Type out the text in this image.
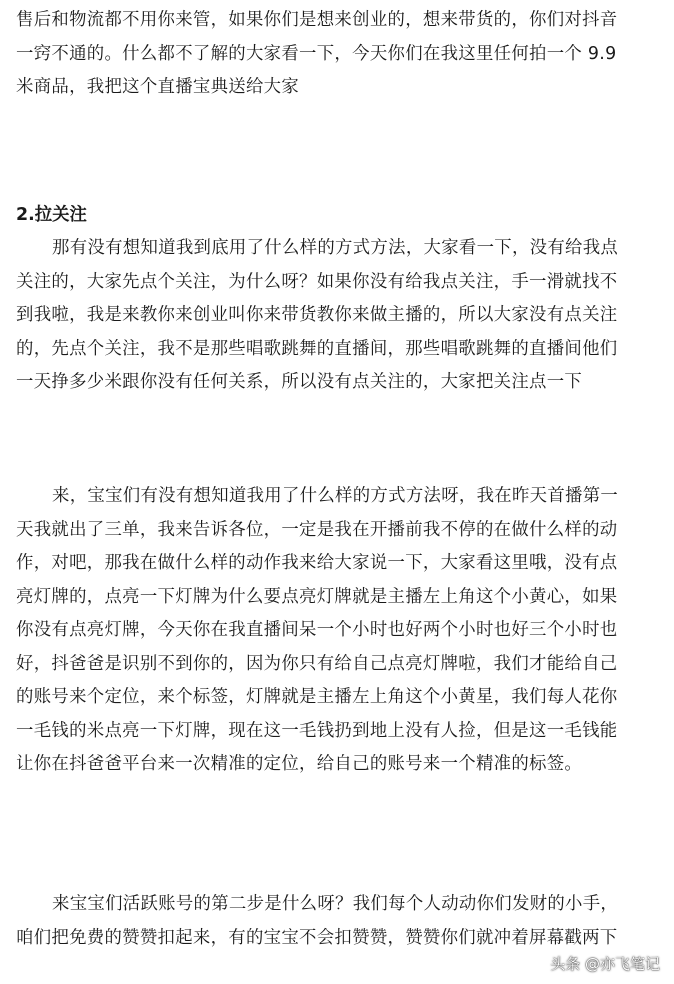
售后和物流都不用你来管，如果你们是想来创业的，想来带货的，你们对抖音
一窍不通的。什么都不了解的大家看一下，今天你们在我这里任何拍一个 9.9
米商品，我把这个直播宝典送给大家

2.拉关注

那有没有想知道我到底用了什么样的方式方法，大家看一下，没有给我点
关注的，大家先点个关注，为什么呀？如果你没有给我点关注，手一滑就找不
到我啦，我是来教你来创业叫你来带货教你来做主播的，所以大家没有点关注
的，先点个关注，我不是那些唱歌跳舞的直播间，那些唱歌跳舞的直播间他们
一天挣多少米跟你没有任何关系，所以没有点关注的，大家把关注点一下

来，宝宝们有没有想知道我用了什么样的方式方法呀，我在昨天首播第一
天我就出了三单，我来告诉各位，一定是我在开播前我不停的在做什么样的动
作，对吧，那我在做什么样的动作我来给大家说一下，大家看这里哦，没有点
亮灯牌的，点亮一下灯牌为什么要点亮灯牌就是主播左上角这个小黄心，如果
你没有点亮灯牌，今天你在我直播间呆一个小时也好两个小时也好三个小时也
好，抖爸爸是识别不到你的，因为你只有给自己点亮灯牌啦，我们才能给自己
的账号来个定位，来个标签，灯牌就是主播左上角这个小黄星，我们每人花你
一毛钱的米点亮一下灯牌，现在这一毛钱扔到地上没有人捡，但是这一毛钱能
让你在抖爸爸平台来一次精准的定位，给自己的账号来一个精准的标签。

来宝宝们活跃账号的第二步是什么呀？我们每个人动动你们发财的小手，
咱们把免费的赞赞扣起来，有的宝宝不会扣赞赞，赞赞你们就冲着屏幕戳两下

头条 @亦飞笔记
